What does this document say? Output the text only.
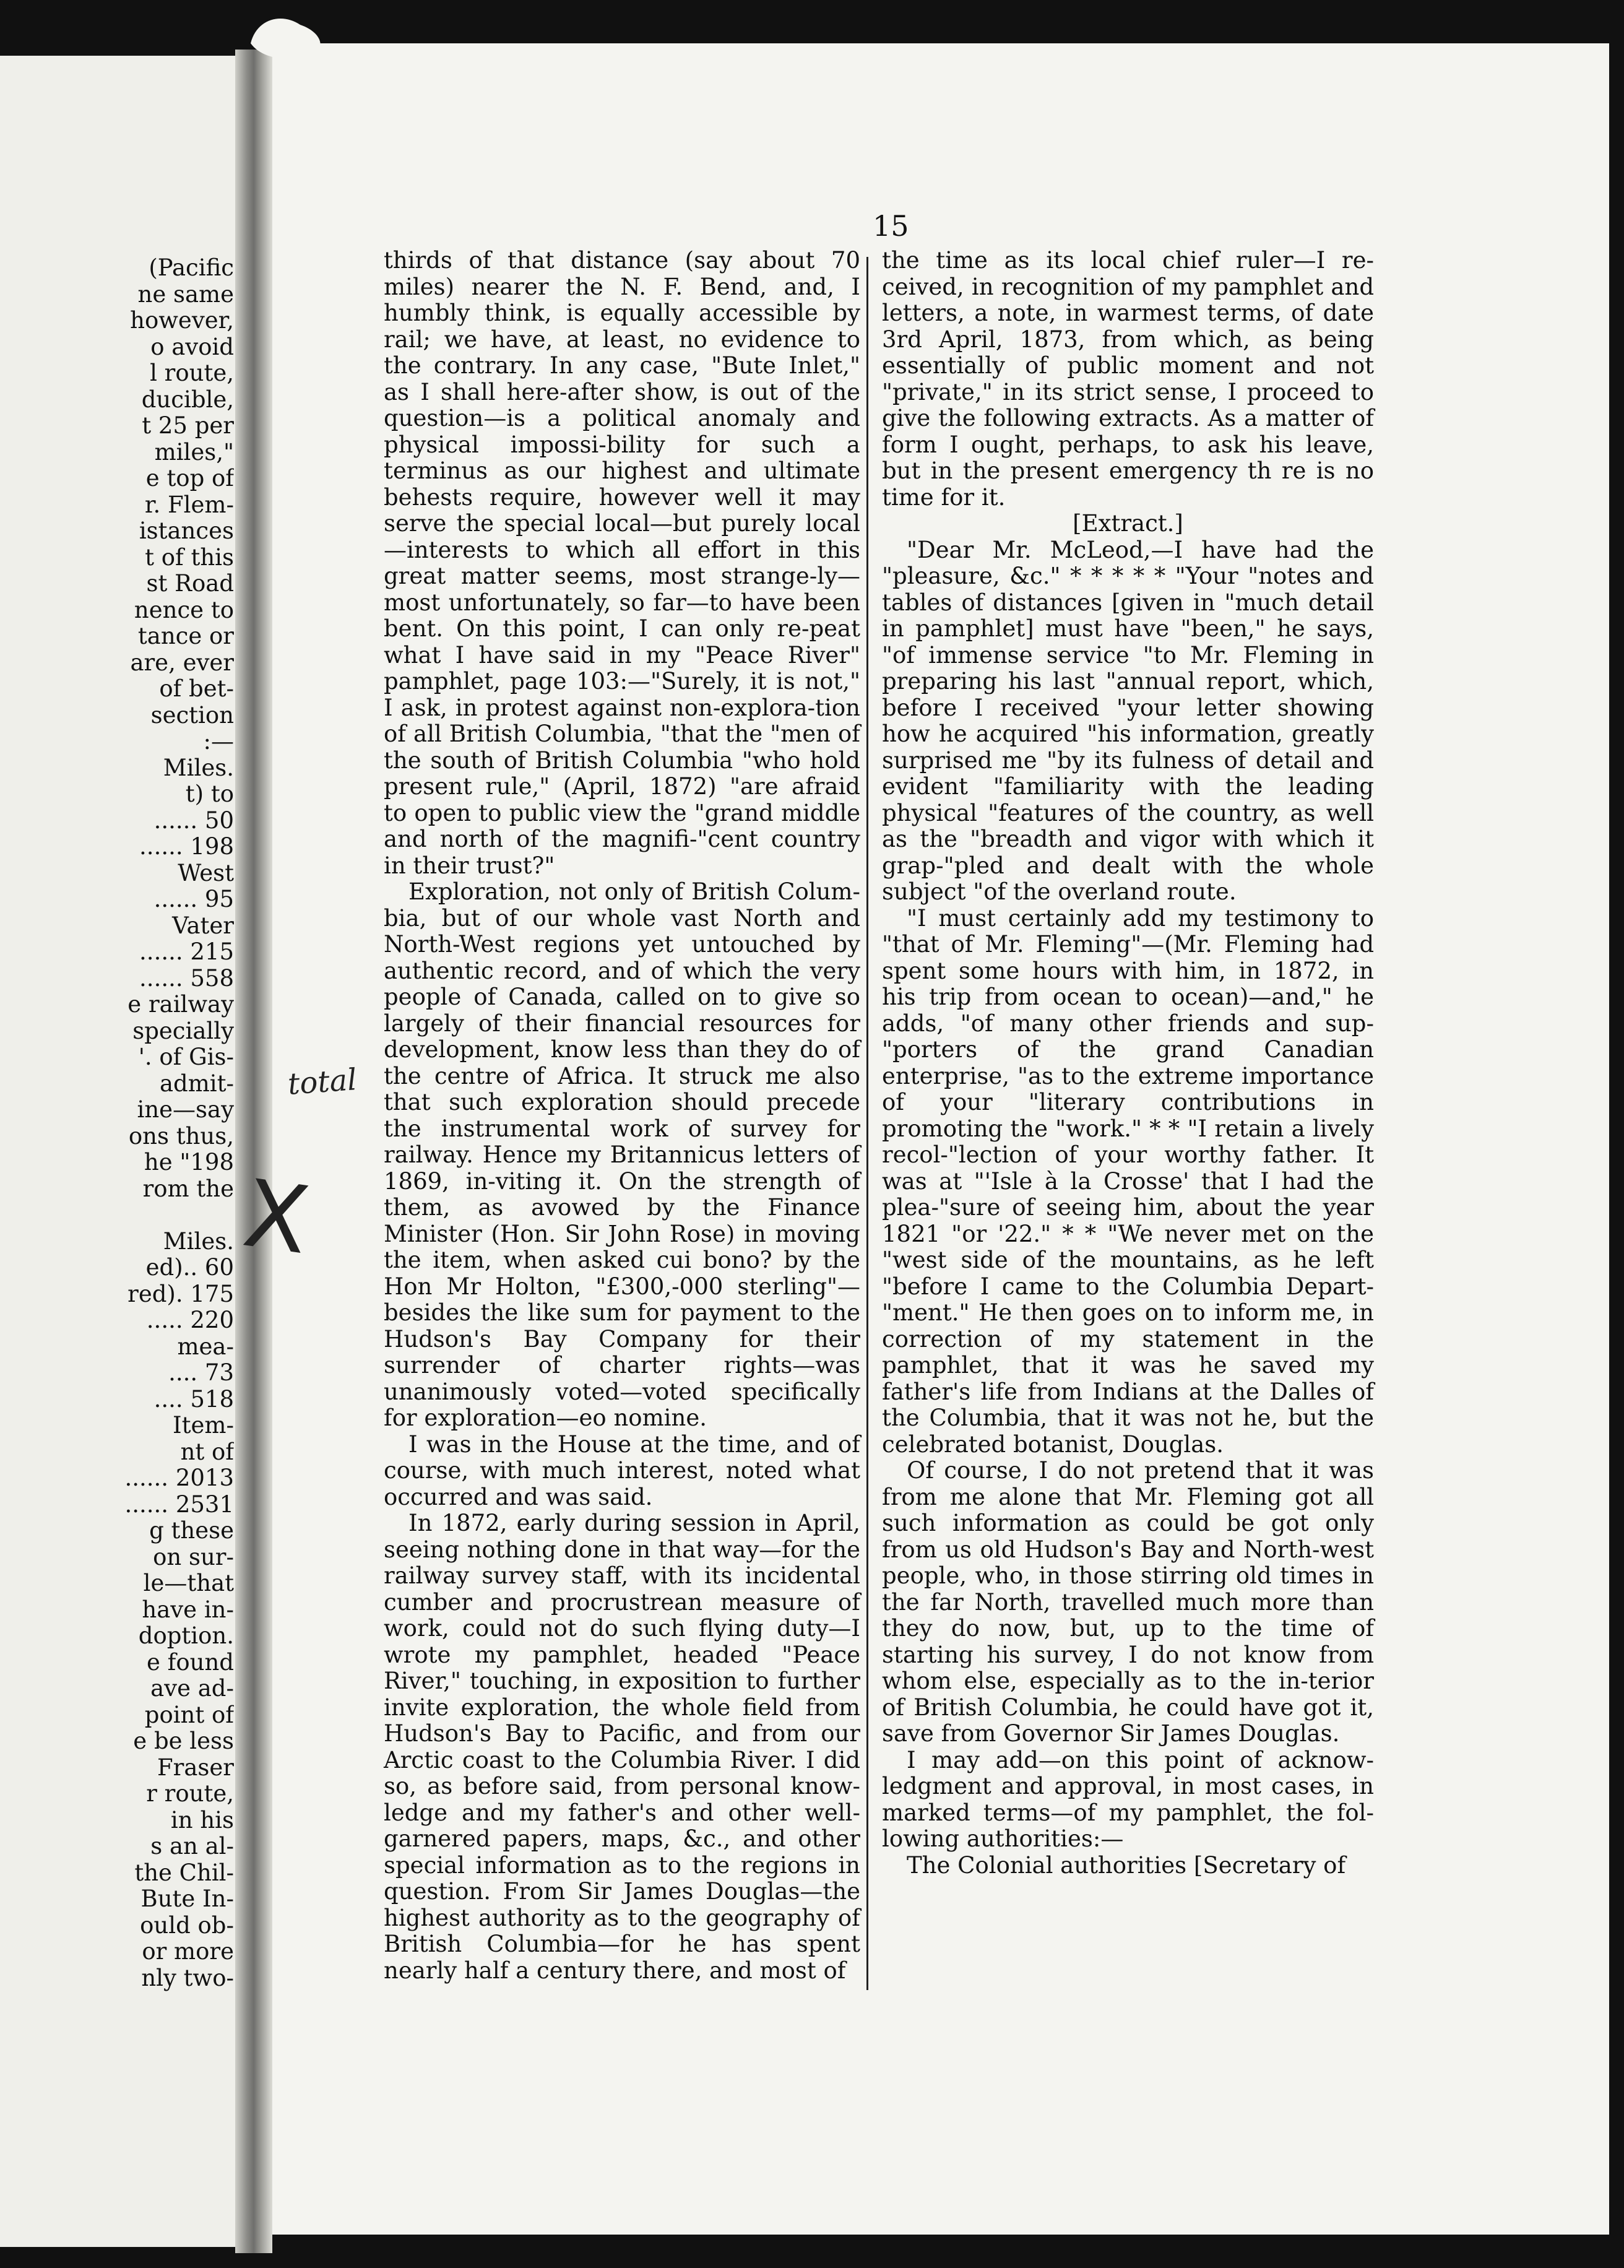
(Pacific

ne same

however,

o avoid

l route,

ducible,

t 25 per

miles,"

e top of

r. Flem-

istances

t of this

st Road

nence to

tance or

are, ever

of bet-

section

:—

Miles.

t) to

...... 50

...... 198

West

...... 95

Vater

...... 215

...... 558

e railway

specially

'. of Gis-

admit-

ine—say

ons thus,

he "198

rom the

Miles.

ed).. 60

red). 175

..... 220

mea-

.... 73

.... 518

Item-

nt of

...... 2013

...... 2531

g these

on sur-

le—that

have in-

doption.

e found

ave ad-

point of

e be less

Fraser

r route,

in his

s an al-

the Chil-

Bute In-

ould ob-

or more

nly two-

15

thirds of that distance (say about 70 miles) nearer the N. F. Bend, and, I humbly think, is equally accessible by rail; we have, at least, no evidence to the contrary. In any case, "Bute Inlet," as I shall here-after show, is out of the question—is a political anomaly and physical impossi-bility for such a terminus as our highest and ultimate behests require, however well it may serve the special local—but purely local—interests to which all effort in this great matter seems, most strange-ly—most unfortunately, so far—to have been bent. On this point, I can only re-peat what I have said in my "Peace River" pamphlet, page 103:—"Surely, it is not," I ask, in protest against non-explora-tion of all British Columbia, "that the "men of the south of British Columbia "who hold present rule," (April, 1872) "are afraid to open to public view the "grand middle and north of the magnifi-"cent country in their trust?"

Exploration, not only of British Colum-bia, but of our whole vast North and North-West regions yet untouched by authentic record, and of which the very people of Canada, called on to give so largely of their financial resources for development, know less than they do of the centre of Africa. It struck me also that such exploration should precede the instrumental work of survey for railway. Hence my Britannicus letters of 1869, in-viting it. On the strength of them, as avowed by the Finance Minister (Hon. Sir John Rose) in moving the item, when asked cui bono? by the Hon Mr Holton, "£300,-000 sterling"—besides the like sum for payment to the Hudson's Bay Company for their surrender of charter rights—was unanimously voted—voted specifically for exploration—eo nomine.

I was in the House at the time, and of course, with much interest, noted what occurred and was said.

In 1872, early during session in April, seeing nothing done in that way—for the railway survey staff, with its incidental cumber and procrustrean measure of work, could not do such flying duty—I wrote my pamphlet, headed "Peace River," touching, in exposition to further invite exploration, the whole field from Hudson's Bay to Pacific, and from our Arctic coast to the Columbia River. I did so, as before said, from personal know-ledge and my father's and other well-garnered papers, maps, &c., and other special information as to the regions in question. From Sir James Douglas—the highest authority as to the geography of British Columbia—for he has spent nearly half a century there, and most of

the time as its local chief ruler—I re-ceived, in recognition of my pamphlet and letters, a note, in warmest terms, of date 3rd April, 1873, from which, as being essentially of public moment and not "private," in its strict sense, I proceed to give the following extracts. As a matter of form I ought, perhaps, to ask his leave, but in the present emergency th re is no time for it.

[Extract.]

"Dear Mr. McLeod,—I have had the "pleasure, &c." * * * * * "Your "notes and tables of distances [given in "much detail in pamphlet] must have "been," he says, "of immense service "to Mr. Fleming in preparing his last "annual report, which, before I received "your letter showing how he acquired "his information, greatly surprised me "by its fulness of detail and evident "familiarity with the leading physical "features of the country, as well as the "breadth and vigor with which it grap-"pled and dealt with the whole subject "of the overland route.

"I must certainly add my testimony to "that of Mr. Fleming"—(Mr. Fleming had spent some hours with him, in 1872, in his trip from ocean to ocean)—and," he adds, "of many other friends and sup-"porters of the grand Canadian enterprise, "as to the extreme importance of your "literary contributions in promoting the "work." * * "I retain a lively recol-"lection of your worthy father. It was at "'Isle à la Crosse' that I had the plea-"sure of seeing him, about the year 1821 "or '22." * * "We never met on the "west side of the mountains, as he left "before I came to the Columbia Depart-"ment." He then goes on to inform me, in correction of my statement in the pamphlet, that it was he saved my father's life from Indians at the Dalles of the Columbia, that it was not he, but the celebrated botanist, Douglas.

Of course, I do not pretend that it was from me alone that Mr. Fleming got all such information as could be got only from us old Hudson's Bay and North-west people, who, in those stirring old times in the far North, travelled much more than they do now, but, up to the time of starting his survey, I do not know from whom else, especially as to the in-terior of British Columbia, he could have got it, save from Governor Sir James Douglas.

I may add—on this point of acknow-ledgment and approval, in most cases, in marked terms—of my pamphlet, the fol-lowing authorities:—

The Colonial authorities [Secretary of

total
X
